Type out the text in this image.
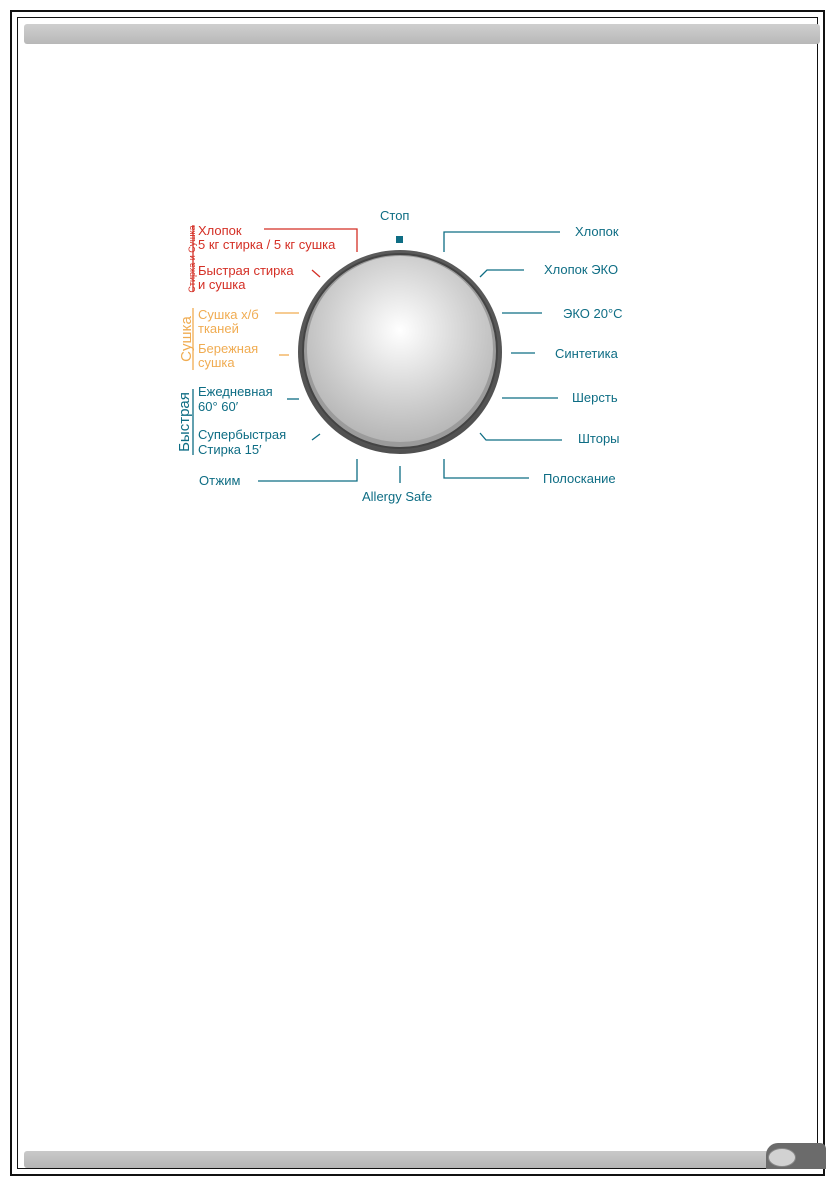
Стоп
Хлопок
Хлопок ЭКО
ЭКО 20°C
Синтетика
Шерсть
Шторы
Полоскание
Allergy Safe
Отжим
Стирка и Сушка Хлопок
5 кг стирка / 5 кг сушка
Быстрая стирка
и сушка
Сушка
Сушка х/б
тканей
Бережная
сушка
Быстрая
Ежедневная
60° 60′
Супербыстрая
Стирка 15′
